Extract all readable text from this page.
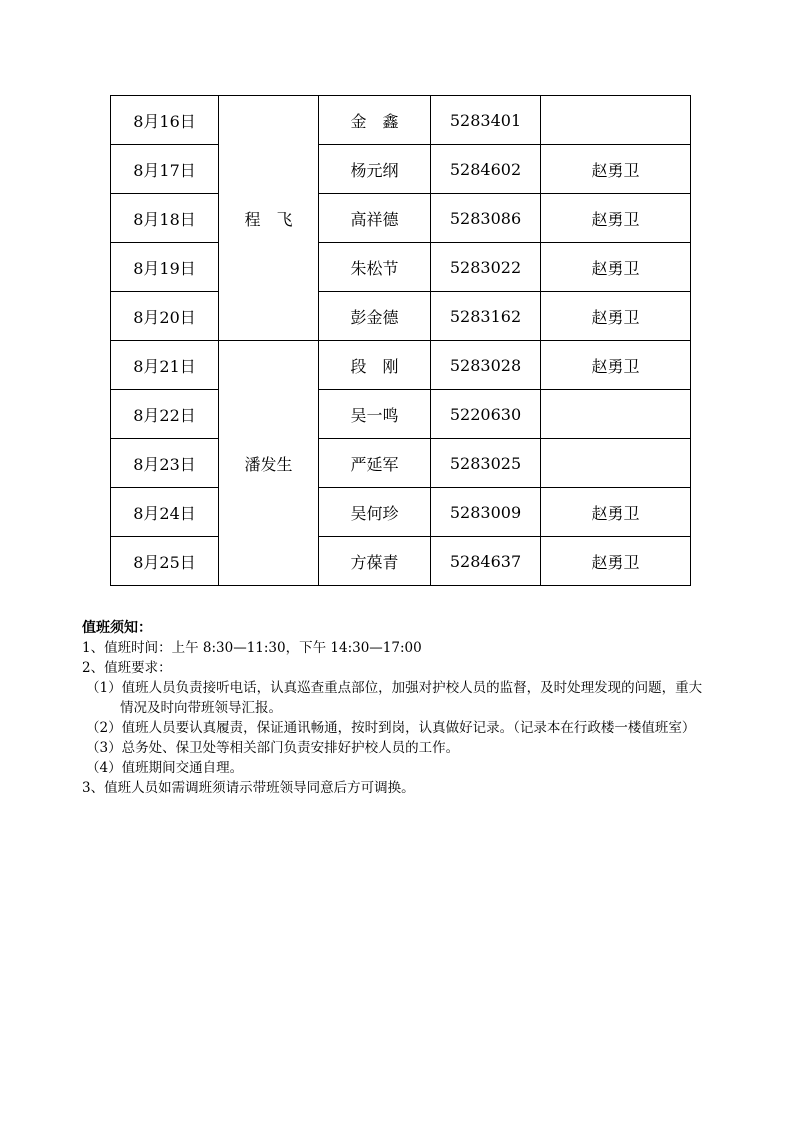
8月16日	程　飞	金　鑫	5283401	
8月17日		杨元纲	5284602	赵勇卫
8月18日		高祥德	5283086	赵勇卫
8月19日		朱松节	5283022	赵勇卫
8月20日		彭金德	5283162	赵勇卫
8月21日	潘发生	段　刚	5283028	赵勇卫
8月22日		吴一鸣	5220630	
8月23日		严延军	5283025	
8月24日		吴何珍	5283009	赵勇卫
8月25日		方葆青	5284637	赵勇卫

值班须知：

1、值班时间：上午 8:30—11:30，下午 14:30—17:00

2、值班要求：

（1）值班人员负责接听电话，认真巡查重点部位，加强对护校人员的监督，及时处理发现的问题，重大情况及时向带班领导汇报。

（2）值班人员要认真履责，保证通讯畅通，按时到岗，认真做好记录。（记录本在行政楼一楼值班室）

（3）总务处、保卫处等相关部门负责安排好护校人员的工作。

（4）值班期间交通自理。

3、值班人员如需调班须请示带班领导同意后方可调换。
